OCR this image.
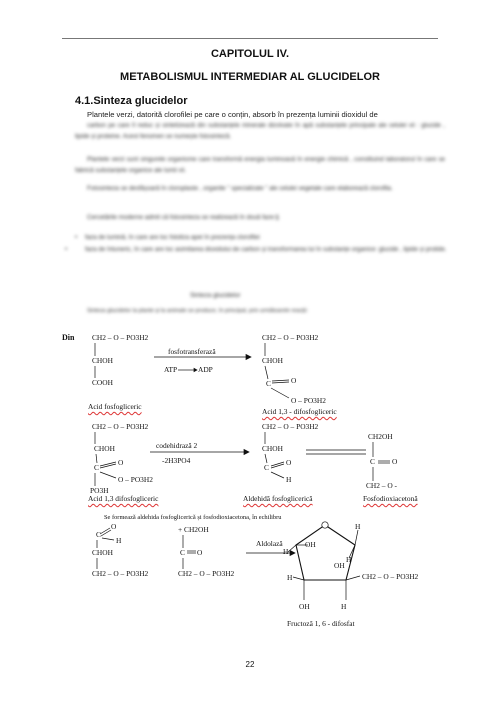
CAPITOLUL IV.
METABOLISMUL INTERMEDIAR AL GLUCIDELOR
4.1.Sinteza glucidelor
Plantele verzi, datorită clorofilei pe care o conțin, absorb în prezența luminii dioxidul de
carbon pe care îl reduc și sintetizează din substanțele minerale dizolvate în apă substanțele principale ale celulei vii : glucide , lipide și proteine. Acest fenomen se numește fotosinteză.
Plantele verzi sunt singurele organisme care transformă energia luminoasă în energie chimică , constituind laboratorul în care se fabrică substanțele organice ale lumii vii.
Fotosinteza se desfășoară în cloroplaste , organite " specializate " ale celulei vegetale care elaborează clorofila.
Cercetările moderne admit că fotosinteza se realizează în două faze:§
• faza de lumină, în care are loc fotoliza apei în prezența clorofilei
•	faza de întuneric, în care are loc asimilarea dioxidului de carbon și transformarea lui în substanțe organice: glucide , lipide și protide.
Sinteza glucidelor
Sinteza glucidelor la plante și la animale se produce, în principal, prin următoarele reacții:
Din CH2 – O – PO3H2
CHOH
COOH
fosfotransferază
ATP	ADP
CH2 – O – PO3H2
CHOH
C	O
O – PO3H2
Acid fosfogliceric
Acid 1,3 - difosfogliceric
CH2 – O – PO3H2
CHOH
C
O
O – PO3H2
PO3H
codehidrază 2
-2H3PO4
CH2 – O – PO3H2
CHOH
C
O
H
CH2OH
C O
CH2 – O -
Acid 1,3 difosfogliceric	Aldehidă fosfoglicerică	Fosfodioxiacetonă
Se formează aldehida fosfoglicerică și fosfodioxiacetona, în echilibru
C
O
H
CHOH
CH2 – O – PO3H2
+ CH2OH
C O
CH2 – O – PO3H2
Aldolază
H
H
OH
H	CH2 – O – PO3H2
OH	H
OH
H
Fructoză 1, 6 - difosfat
22
